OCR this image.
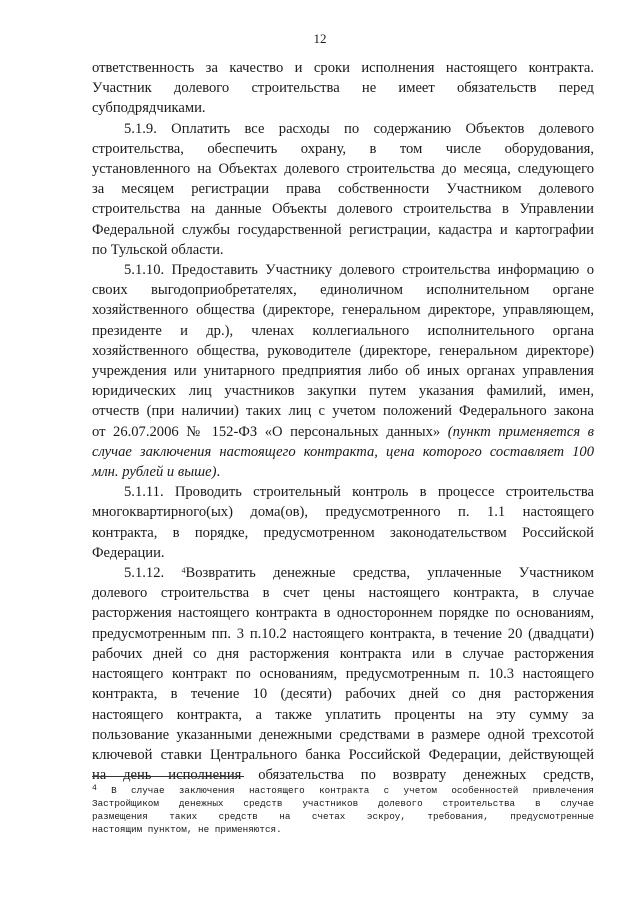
12

ответственность за качество и сроки исполнения настоящего контракта.

Участник долевого строительства не имеет обязательств перед

субподрядчиками.

5.1.9. Оплатить все расходы по содержанию Объектов долевого

строительства, обеспечить охрану, в том числе оборудования,

установленного на Объектах долевого строительства до месяца, следующего

за месяцем регистрации права собственности Участником долевого

строительства на данные Объекты долевого строительства в Управлении

Федеральной службы государственной регистрации, кадастра и картографии

по Тульской области.

5.1.10. Предоставить Участнику долевого строительства информацию о

своих выгодоприобретателях, единоличном исполнительном органе

хозяйственного общества (директоре, генеральном директоре, управляющем,

президенте и др.), членах коллегиального исполнительного органа

хозяйственного общества, руководителе (директоре, генеральном директоре)

учреждения или унитарного предприятия либо об иных органах управления

юридических лиц участников закупки путем указания фамилий, имен,

отчеств (при наличии) таких лиц с учетом положений Федерального закона

от 26.07.2006 № 152-ФЗ «О персональных данных» (пункт применяется в

случае заключения настоящего контракта, цена которого составляет 100

млн. рублей и выше).

5.1.11. Проводить строительный контроль в процессе строительства

многоквартирного(ых) дома(ов), предусмотренного п. 1.1 настоящего

контракта, в порядке, предусмотренном законодательством Российской

Федерации.

5.1.12. $^4$Возвратить денежные средства, уплаченные Участником

долевого строительства в счет цены настоящего контракта, в случае

расторжения настоящего контракта в одностороннем порядке по основаниям,

предусмотренным пп. 3 п.10.2 настоящего контракта, в течение 20 (двадцати)

рабочих дней со дня расторжения контракта или в случае расторжения

настоящего контракт по основаниям, предусмотренным п. 10.3 настоящего

контракта, в течение 10 (десяти) рабочих дней со дня расторжения

настоящего контракта, а также уплатить проценты на эту сумму за

пользование указанными денежными средствами в размере одной трехсотой

ключевой ставки Центрального банка Российской Федерации, действующей

на день исполнения обязательства по возврату денежных средств,

$^4$ В случае заключения настоящего контракта с учетом особенностей привлечения

Застройщиком денежных средств участников долевого строительства в случае

размещения таких средств на счетах эскроу, требования, предусмотренные

настоящим пунктом, не применяются.
